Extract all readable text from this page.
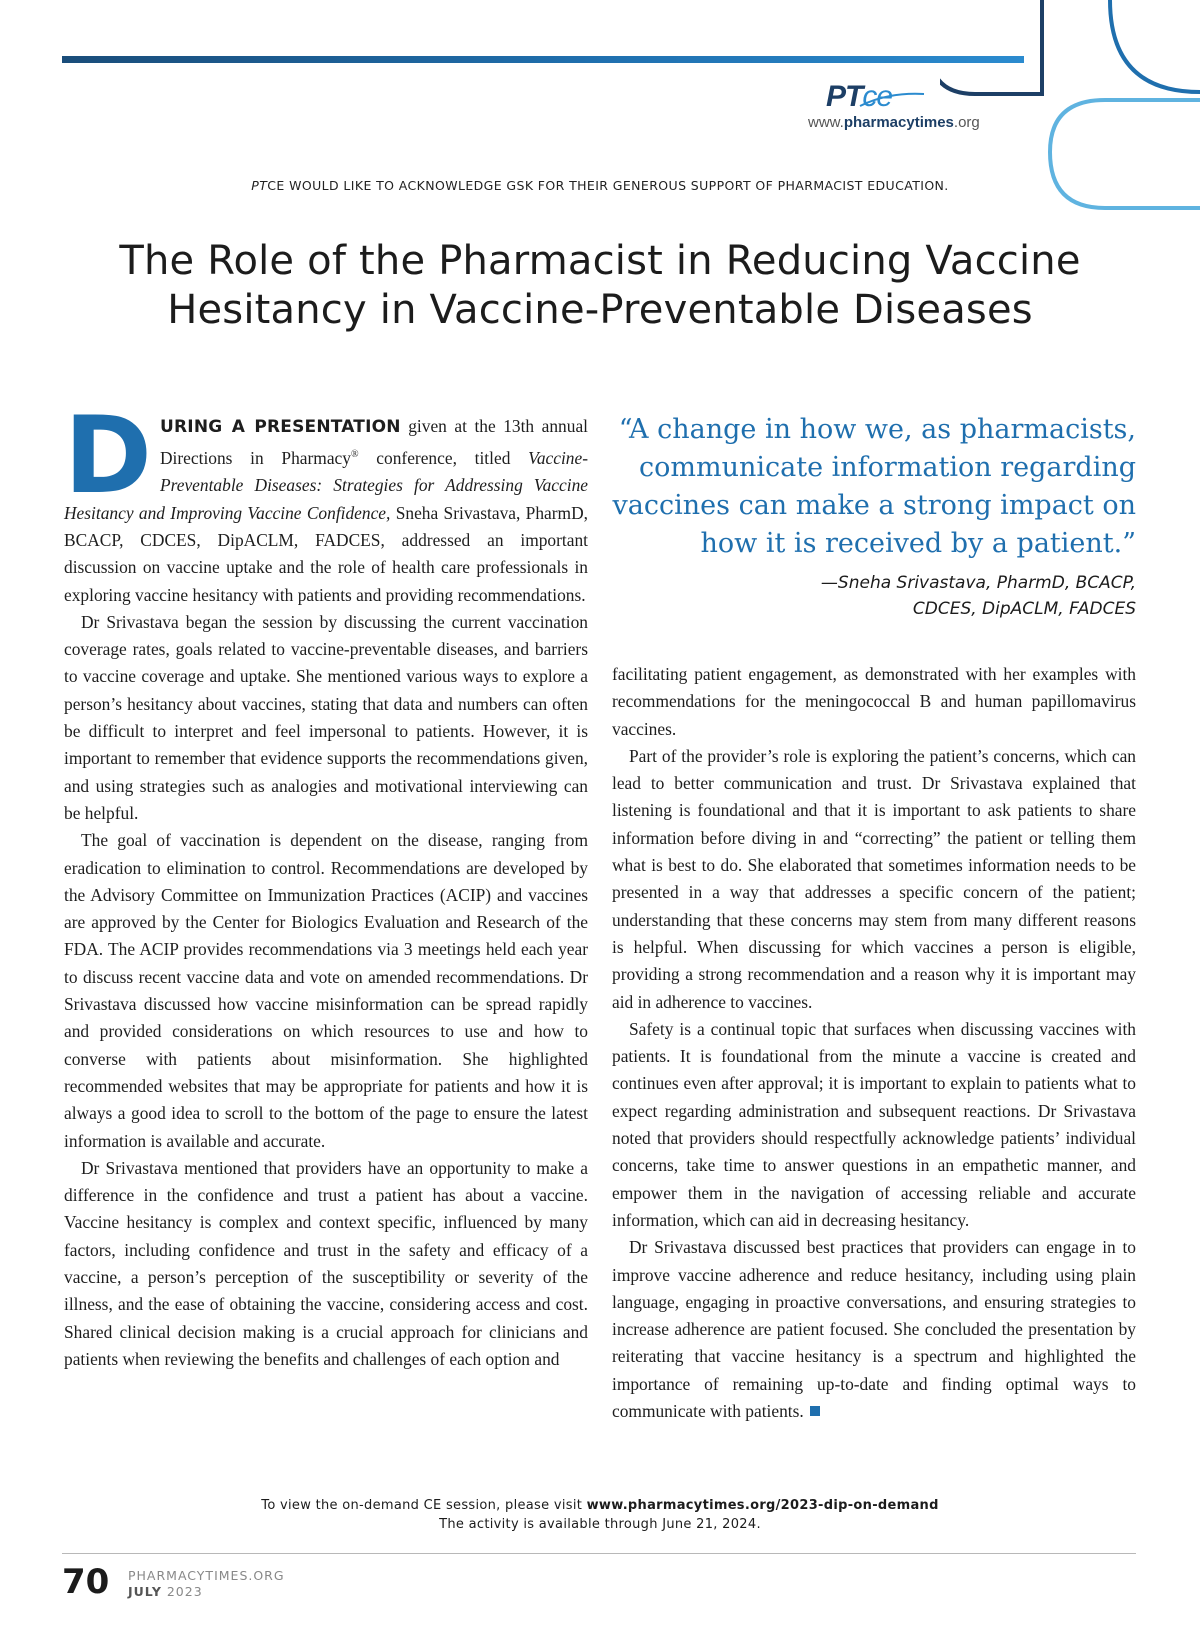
PTce
www.pharmacytimes.org
PTCE WOULD LIKE TO ACKNOWLEDGE GSK FOR THEIR GENEROUS SUPPORT OF PHARMACIST EDUCATION.
The Role of the Pharmacist in Reducing Vaccine
Hesitancy in Vaccine-Preventable Diseases

DURING A PRESENTATION given at the 13th annual Directions in Pharmacy® conference, titled Vaccine-Preventable Diseases: Strategies for Addressing Vaccine Hesitancy and Improving Vaccine Confidence, Sneha Srivastava, PharmD, BCACP, CDCES, DipACLM, FADCES, addressed an important discussion on vaccine uptake and the role of health care professionals in exploring vaccine hesitancy with patients and providing recommendations.

Dr Srivastava began the session by discussing the current vaccination coverage rates, goals related to vaccine-preventable diseases, and barriers to vaccine coverage and uptake. She mentioned various ways to explore a person’s hesitancy about vaccines, stating that data and numbers can often be difficult to interpret and feel impersonal to patients. However, it is important to remember that evidence supports the recommendations given, and using strategies such as analogies and motivational interviewing can be helpful.

The goal of vaccination is dependent on the disease, ranging from eradication to elimination to control. Recommendations are developed by the Advisory Committee on Immunization Practices (ACIP) and vaccines are approved by the Center for Biologics Evaluation and Research of the FDA. The ACIP provides recommendations via 3 meetings held each year to discuss recent vaccine data and vote on amended recommendations. Dr Srivastava discussed how vaccine misinformation can be spread rapidly and provided considerations on which resources to use and how to converse with patients about misinformation. She highlighted recommended websites that may be appropriate for patients and how it is always a good idea to scroll to the bottom of the page to ensure the latest information is available and accurate.

Dr Srivastava mentioned that providers have an opportunity to make a difference in the confidence and trust a patient has about a vaccine. Vaccine hesitancy is complex and context specific, influenced by many factors, including confidence and trust in the safety and efficacy of a vaccine, a person’s perception of the susceptibility or severity of the illness, and the ease of obtaining the vaccine, considering access and cost. Shared clinical decision making is a crucial approach for clinicians and patients when reviewing the benefits and challenges of each option and

“A change in how we, as pharmacists,
communicate information regarding
vaccines can make a strong impact on
how it is received by a patient.”

—Sneha Srivastava, PharmD, BCACP,
CDCES, DipACLM, FADCES

facilitating patient engagement, as demonstrated with her examples with recommendations for the meningococcal B and human papillomavirus vaccines.

Part of the provider’s role is exploring the patient’s concerns, which can lead to better communication and trust. Dr Srivastava explained that listening is foundational and that it is important to ask patients to share information before diving in and “correcting” the patient or telling them what is best to do. She elaborated that sometimes information needs to be presented in a way that addresses a specific concern of the patient; understanding that these concerns may stem from many different reasons is helpful. When discussing for which vaccines a person is eligible, providing a strong recommendation and a reason why it is important may aid in adherence to vaccines.

Safety is a continual topic that surfaces when discussing vaccines with patients. It is foundational from the minute a vaccine is created and continues even after approval; it is important to explain to patients what to expect regarding administration and subsequent reactions. Dr Srivastava noted that providers should respectfully acknowledge patients’ individual concerns, take time to answer questions in an empathetic manner, and empower them in the navigation of accessing reliable and accurate information, which can aid in decreasing hesitancy.

Dr Srivastava discussed best practices that providers can engage in to improve vaccine adherence and reduce hesitancy, including using plain language, engaging in proactive conversations, and ensuring strategies to increase adherence are patient focused. She concluded the presentation by reiterating that vaccine hesitancy is a spectrum and highlighted the importance of remaining up-to-date and finding optimal ways to communicate with patients.

To view the on-demand CE session, please visit www.pharmacytimes.org/2023-dip-on-demand
The activity is available through June 21, 2024.
70 PHARMACYTIMES.ORG
JULY 2023
